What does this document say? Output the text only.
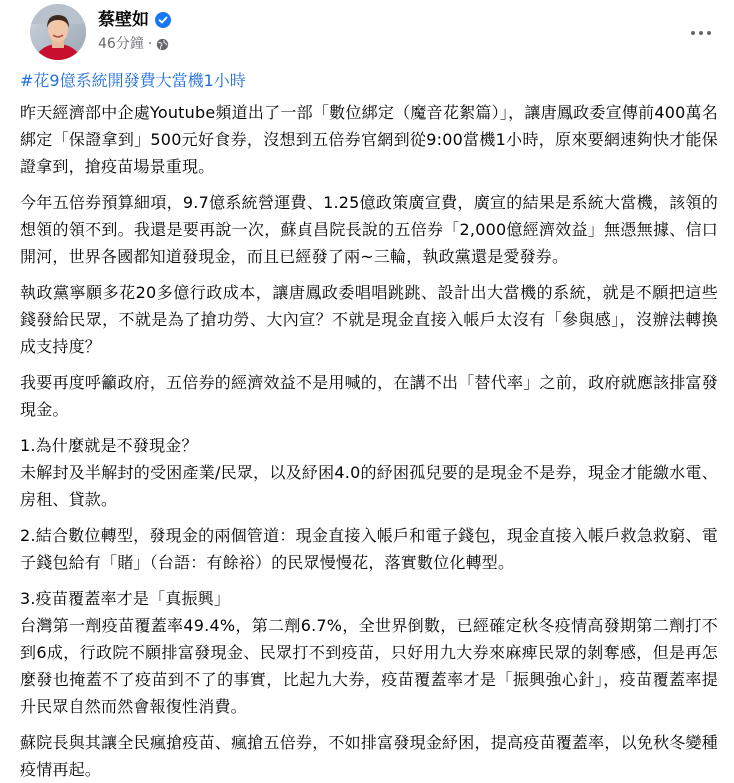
蔡壁如
46分鐘 ·
#花9億系統開發費大當機1小時

昨天經濟部中企處Youtube頻道出了一部「數位綁定（魔音花絮篇）」，讓唐鳳政委宣傳前400萬名綁定「保證拿到」500元好食券，沒想到五倍券官網到從9:00當機1小時，原來要網速夠快才能保證拿到，搶疫苗場景重現。

今年五倍券預算細項，9.7億系統營運費、1.25億政策廣宣費，廣宣的結果是系統大當機，該領的想領的領不到。我還是要再說一次，蘇貞昌院長說的五倍券「2,000億經濟效益」無憑無據、信口開河，世界各國都知道發現金，而且已經發了兩~三輪，執政黨還是愛發券。

執政黨寧願多花20多億行政成本，讓唐鳳政委唱唱跳跳、設計出大當機的系統，就是不願把這些錢發給民眾，不就是為了搶功勞、大內宣？不就是現金直接入帳戶太沒有「參與感」，沒辦法轉換成支持度？

我要再度呼籲政府，五倍券的經濟效益不是用喊的，在講不出「替代率」之前，政府就應該排富發現金。

1.為什麼就是不發現金？
未解封及半解封的受困產業/民眾，以及紓困4.0的紓困孤兒要的是現金不是券，現金才能繳水電、房租、貸款。

2.結合數位轉型，發現金的兩個管道：現金直接入帳戶和電子錢包，現金直接入帳戶救急救窮、電子錢包給有「賭」（台語：有餘裕）的民眾慢慢花，落實數位化轉型。

3.疫苗覆蓋率才是「真振興」
台灣第一劑疫苗覆蓋率49.4%，第二劑6.7%，全世界倒數，已經確定秋冬疫情高發期第二劑打不到6成，行政院不願排富發現金、民眾打不到疫苗，只好用九大券來麻痺民眾的剝奪感，但是再怎麼發也掩蓋不了疫苗到不了的事實，比起九大券，疫苗覆蓋率才是「振興強心針」，疫苗覆蓋率提升民眾自然而然會報復性消費。

蘇院長與其讓全民瘋搶疫苗、瘋搶五倍券，不如排富發現金紓困，提高疫苗覆蓋率，以免秋冬變種疫情再起。
